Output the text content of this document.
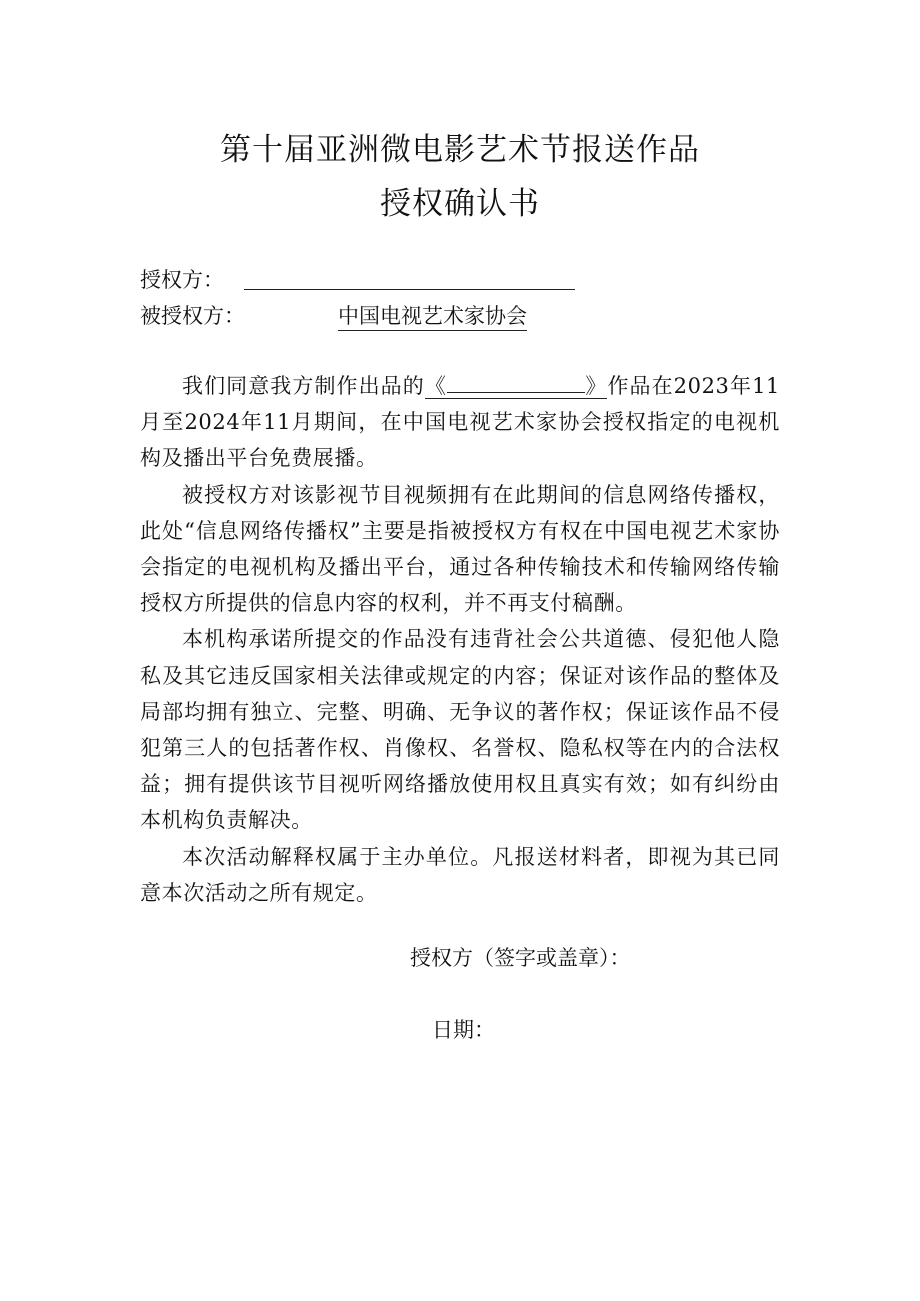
第十届亚洲微电影艺术节报送作品
授权确认书
授权方：
被授权方：	中国电视艺术家协会

我们同意我方制作出品的《	》作品在2023年11月至2024年11月期间，在中国电视艺术家协会授权指定的电视机构及播出平台免费展播。

被授权方对该影视节目视频拥有在此期间的信息网络传播权，此处“信息网络传播权”主要是指被授权方有权在中国电视艺术家协会指定的电视机构及播出平台，通过各种传输技术和传输网络传输授权方所提供的信息内容的权利，并不再支付稿酬。

本机构承诺所提交的作品没有违背社会公共道德、侵犯他人隐私及其它违反国家相关法律或规定的内容；保证对该作品的整体及局部均拥有独立、完整、明确、无争议的著作权；保证该作品不侵犯第三人的包括著作权、肖像权、名誉权、隐私权等在内的合法权益；拥有提供该节目视听网络播放使用权且真实有效；如有纠纷由本机构负责解决。

本次活动解释权属于主办单位。凡报送材料者，即视为其已同意本次活动之所有规定。

授权方（签字或盖章）：
日期：
